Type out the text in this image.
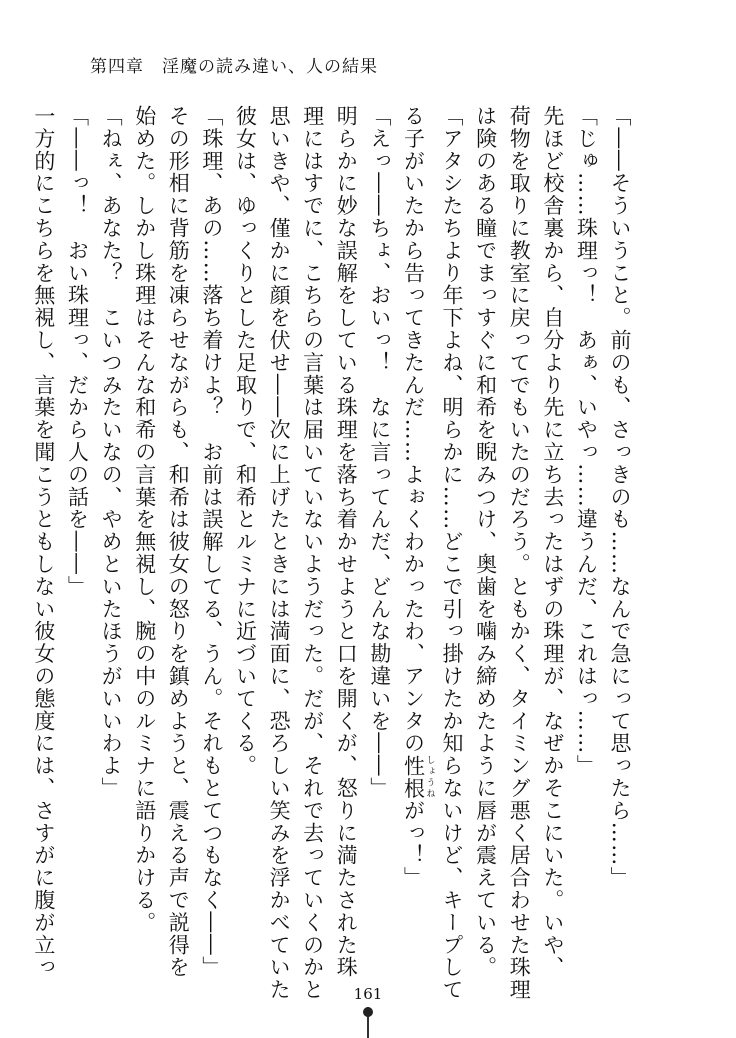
第四章　淫魔の読み違い、人の結果

「――そういうこと。前のも、さっきのも……なんで急にって思ったら……」

「じゅ……珠理っ！　あぁ、いやっ……違うんだ、これはっ……」

先ほど校舎裏から、自分より先に立ち去ったはずの珠理が、なぜかそこにいた。いや、

荷物を取りに教室に戻ってでもいたのだろう。ともかく、タイミング悪く居合わせた珠理

は険のある瞳でまっすぐに和希を睨みつけ、奥歯を噛み締めたように唇が震えている。

「アタシたちより年下よね、明らかに……どこで引っ掛けたか知らないけど、キープして

る子がいたから告ってきたんだ……よぉくわかったわ、アンタの性根 しょうねがっ！」

「えっ――ちょ、おいっ！　なに言ってんだ、どんな勘違いを――」

明らかに妙な誤解をしている珠理を落ち着かせようと口を開くが、怒りに満たされた珠

理にはすでに、こちらの言葉は届いていないようだった。だが、それで去っていくのかと

思いきや、僅かに顔を伏せ――次に上げたときには満面に、恐ろしい笑みを浮かべていた

彼女は、ゆっくりとした足取りで、和希とルミナに近づいてくる。

「珠理、あの……落ち着けよ？　お前は誤解してる、うん。それもとてつもなく――」

その形相に背筋を凍らせながらも、和希は彼女の怒りを鎮めようと、震える声で説得を

始めた。しかし珠理はそんな和希の言葉を無視し、腕の中のルミナに語りかける。

「ねぇ、あなた？　こいつみたいなの、やめといたほうがいいわよ」

「――っ！　おい珠理っ、だから人の話を――」

一方的にこちらを無視し、言葉を聞こうともしない彼女の態度には、さすがに腹が立っ

161
